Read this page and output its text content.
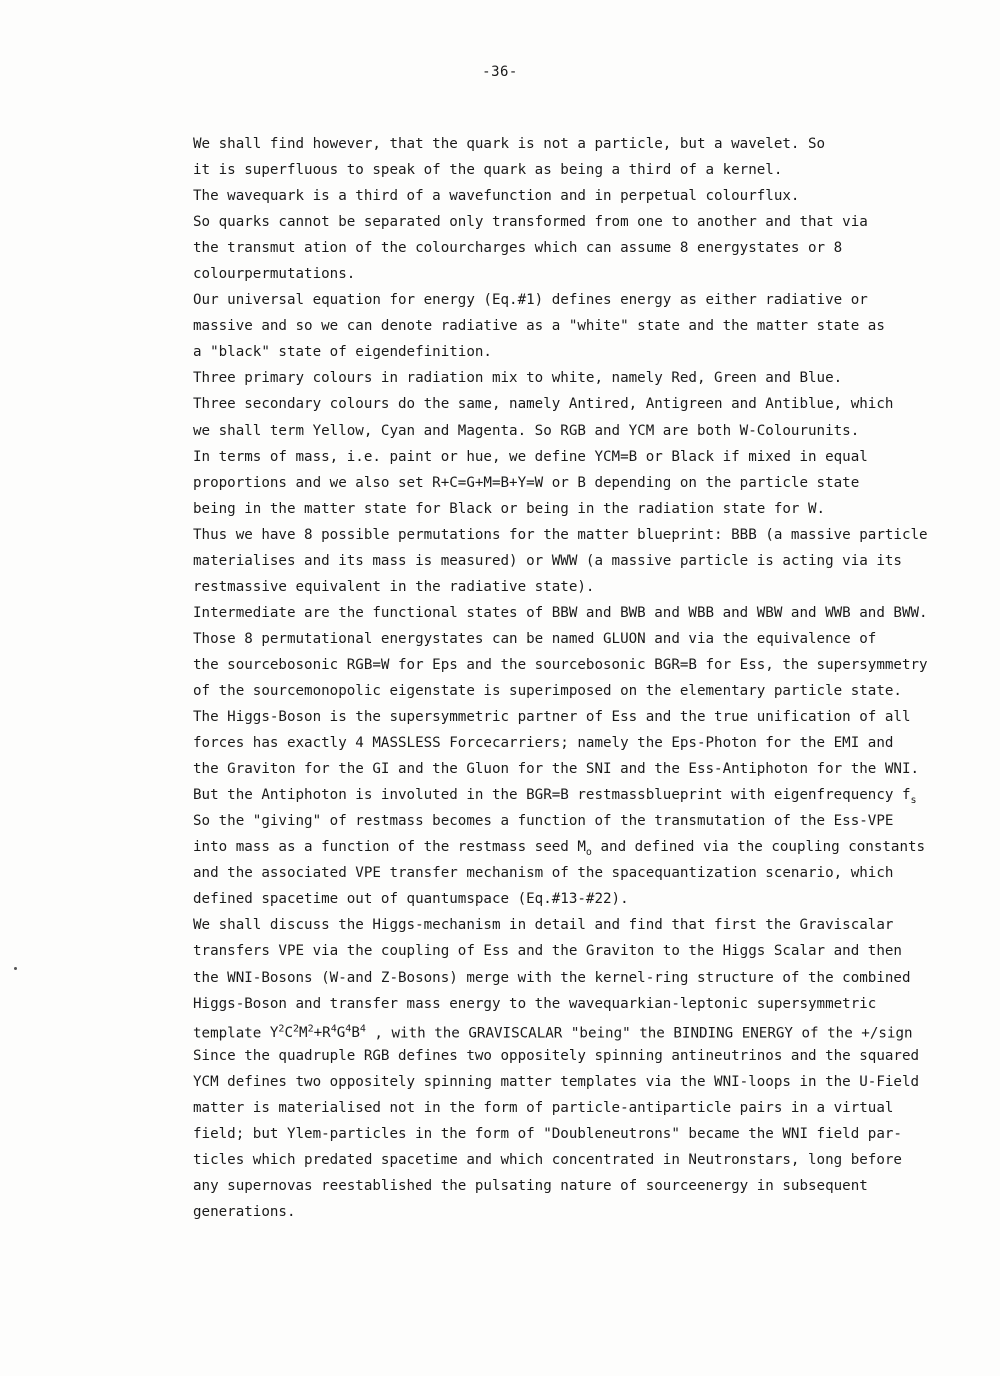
-36-
We shall find however, that the quark is not a particle, but a wavelet. So
it is superfluous to speak of the quark as being a third of a kernel.
The wavequark is a third of a wavefunction and in perpetual colourflux.
So quarks cannot be separated only transformed from one to another and that via
the transmut ation of the colourcharges which can assume 8 energystates or 8
colourpermutations.
Our universal equation for energy (Eq.#1) defines energy as either radiative or
massive and so we can denote radiative as a "white" state and the matter state as
a "black" state of eigendefinition.
Three primary colours in radiation mix to white, namely Red, Green and Blue.
Three secondary colours do the same, namely Antired, Antigreen and Antiblue, which
we shall term Yellow, Cyan and Magenta. So RGB and YCM are both W-Colourunits.
In terms of mass, i.e. paint or hue, we define YCM=B or Black if mixed in equal
proportions and we also set R+C=G+M=B+Y=W or B depending on the particle state
being in the matter state for Black or being in the radiation state for W.
Thus we have 8 possible permutations for the matter blueprint: BBB (a massive particle
materialises and its mass is measured) or WWW (a massive particle is acting via its
restmassive equivalent in the radiative state).
Intermediate are the functional states of BBW and BWB and WBB and WBW and WWB and BWW.
Those 8 permutational energystates can be named GLUON and via the equivalence of
the sourcebosonic RGB=W for Eps and the sourcebosonic BGR=B for Ess, the supersymmetry
of the sourcemonopolic eigenstate is superimposed on the elementary particle state.
The Higgs-Boson is the supersymmetric partner of Ess and the true unification of all
forces has exactly 4 MASSLESS Forcecarriers; namely the Eps-Photon for the EMI and
the Graviton for the GI and the Gluon for the SNI and the Ess-Antiphoton for the WNI.
But the Antiphoton is involuted in the BGR=B restmassblueprint with eigenfrequency $f_s$
So the "giving" of restmass becomes a function of the transmutation of the Ess-VPE
into mass as a function of the restmass seed $M_o$ and defined via the coupling constants
and the associated VPE transfer mechanism of the spacequantization scenario, which
defined spacetime out of quantumspace (Eq.#13-#22).
We shall discuss the Higgs-mechanism in detail and find that first the Graviscalar
transfers VPE via the coupling of Ess and the Graviton to the Higgs Scalar and then
the WNI-Bosons (W-and Z-Bosons) merge with the kernel-ring structure of the combined
Higgs-Boson and transfer mass energy to the wavequarkian-leptonic supersymmetric
template $Y^2C^2M^2+R^4G^4B^4$ , with the GRAVISCALAR "being" the BINDING ENERGY of the +/sign
Since the quadruple RGB defines two oppositely spinning antineutrinos and the squared
YCM defines two oppositely spinning matter templates via the WNI-loops in the U-Field
matter is materialised not in the form of particle-antiparticle pairs in a virtual
field; but Ylem-particles in the form of "Doubleneutrons" became the WNI field par-
ticles which predated spacetime and which concentrated in Neutronstars, long before
any supernovas reestablished the pulsating nature of sourceenergy in subsequent
generations.
